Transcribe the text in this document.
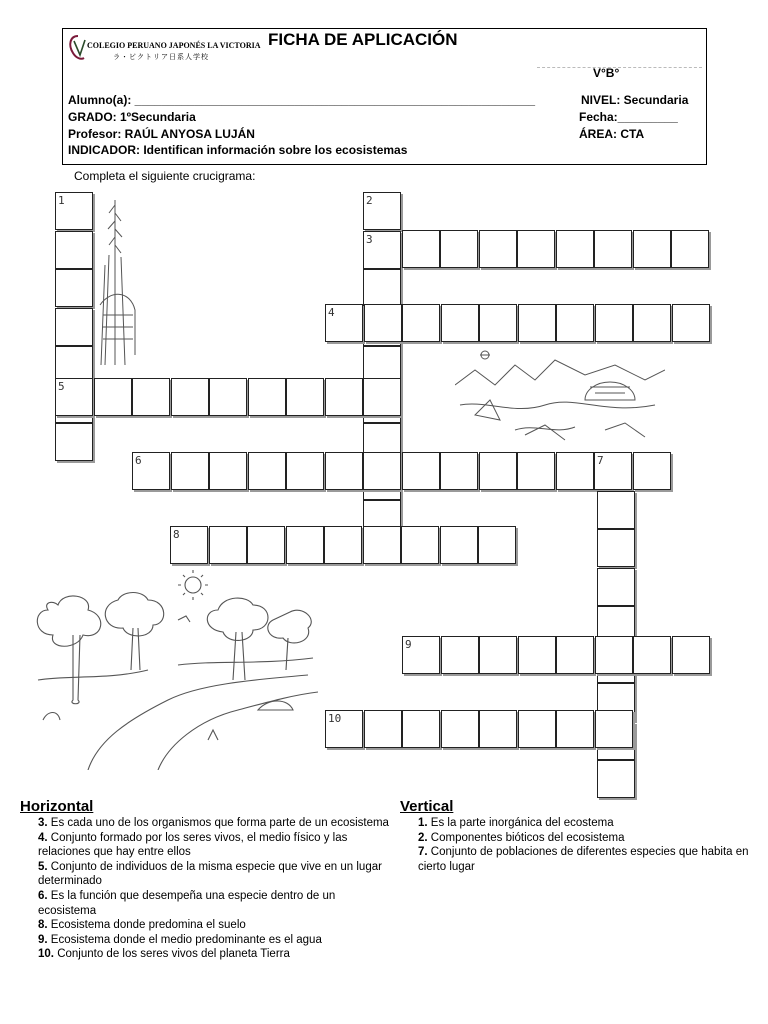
COLEGIO PERUANO JAPONÉS LA VICTORIA
ラ・ビクトリア日系人学校
FICHA DE APLICACIÓN
V°B°
Alumno(a): ____________________________________________________________	NIVEL: Secundaria
GRADO: 1ºSecundaria	Fecha:_________
Profesor: RAÚL ANYOSA LUJÁN	ÁREA: CTA
INDICADOR: Identifican información sobre los ecosistemas
Completa el siguiente crucigrama:
1	2
3
4
5
6	7
8
9
10
Horizontal
3. Es cada uno de los organismos que forma parte de un ecosistema
4. Conjunto formado por los seres vivos, el medio físico y las relaciones que hay entre ellos
5. Conjunto de individuos de la misma especie que vive en un lugar determinado
6. Es la función que desempeña una especie dentro de un ecosistema
8. Ecosistema donde predomina el suelo
9. Ecosistema donde el medio predominante es el agua
10. Conjunto de los seres vivos del planeta Tierra
Vertical
1. Es la parte inorgánica del ecostema
2. Componentes bióticos del ecosistema
7. Conjunto de poblaciones de diferentes especies que habita en cierto lugar
